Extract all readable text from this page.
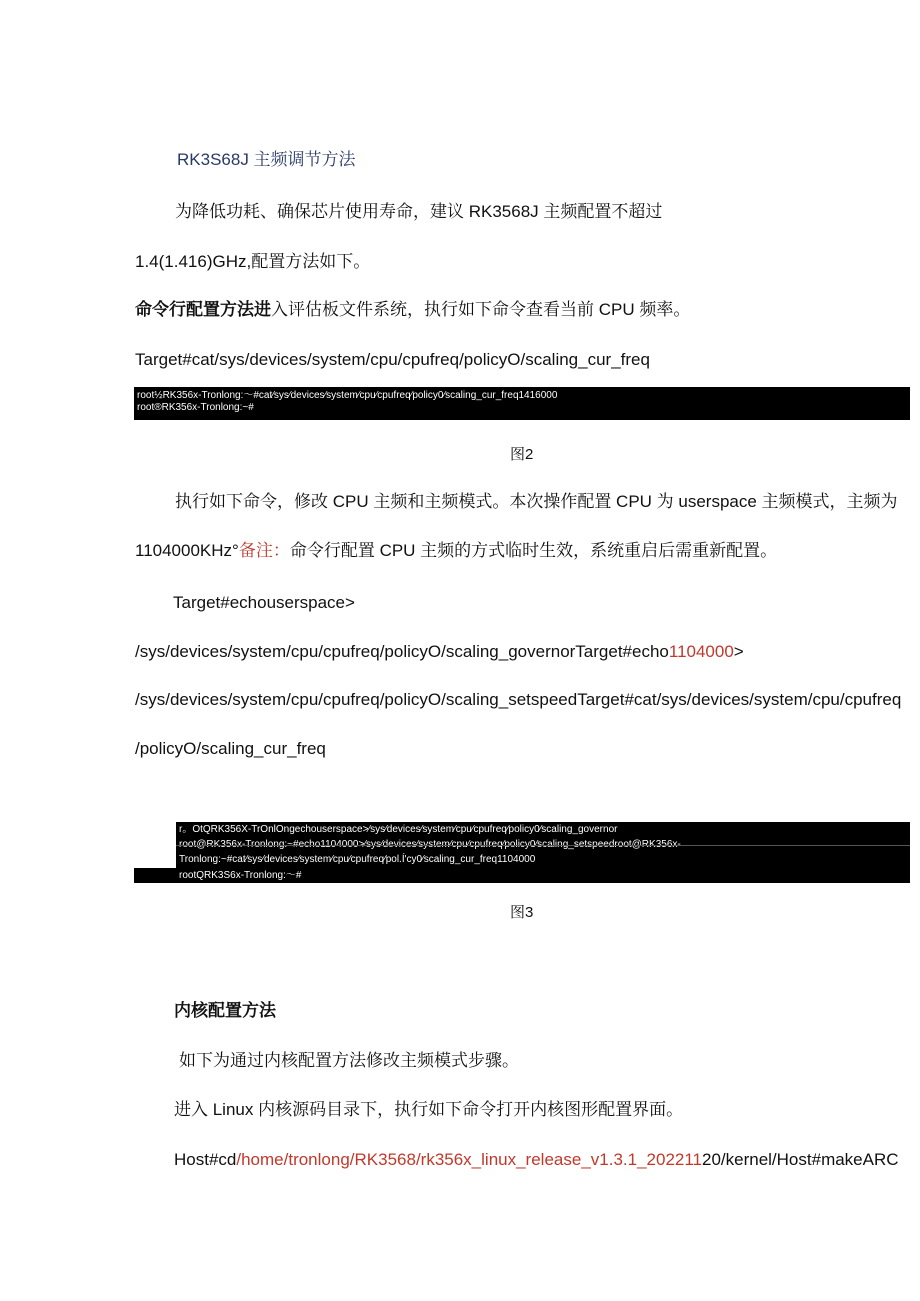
RK3S68J 主频调节方法
为降低功耗、确保芯片使用寿命，建议 RK3568J 主频配置不超过
1.4(1.416)GHz,配置方法如下。
命令行配置方法进入评估板文件系统，执行如下命令查看当前 CPU 频率。
Target#cat/sys/devices/system/cpu/cpufreq/policyO/scaling_cur_freq
root½RK356x-Tronlong:～#cat⁄sys⁄devices⁄system⁄cpu⁄cpufreq⁄policy0⁄scaling_cur_freq1416000
root®RK356x-Tronlong:~#
图2
执行如下命令，修改 CPU 主频和主频模式。本次操作配置 CPU 为 userspace 主频模式，主频为
1104000KHz°备注：命令行配置 CPU 主频的方式临时生效，系统重启后需重新配置。
Target#echouserspace>
/sys/devices/system/cpu/cpufreq/policyO/scaling_governorTarget#echo1104000>
/sys/devices/system/cpu/cpufreq/policyO/scaling_setspeedTarget#cat/sys/devices/system/cpu/cpufreq
/policyO/scaling_cur_freq
r。OtQRK356X-TrOnlOngechouserspace>⁄sys⁄devices⁄system⁄cpu⁄cpufreq⁄policy0⁄scaling_governor
Tronlong:~#cat⁄sys⁄devices⁄system⁄cpu⁄cpufreq⁄pol.Í'cy0⁄scaling_cur_freq1104000
rootQRK3S6x-Tronlong:～#
图3
内核配置方法
如下为通过内核配置方法修改主频模式步骤。
进入 Linux 内核源码目录下，执行如下命令打开内核图形配置界面。
Host#cd/home/tronlong/RK3568/rk356x_linux_release_v1.3.1_20221120/kernel/Host#makeARC
